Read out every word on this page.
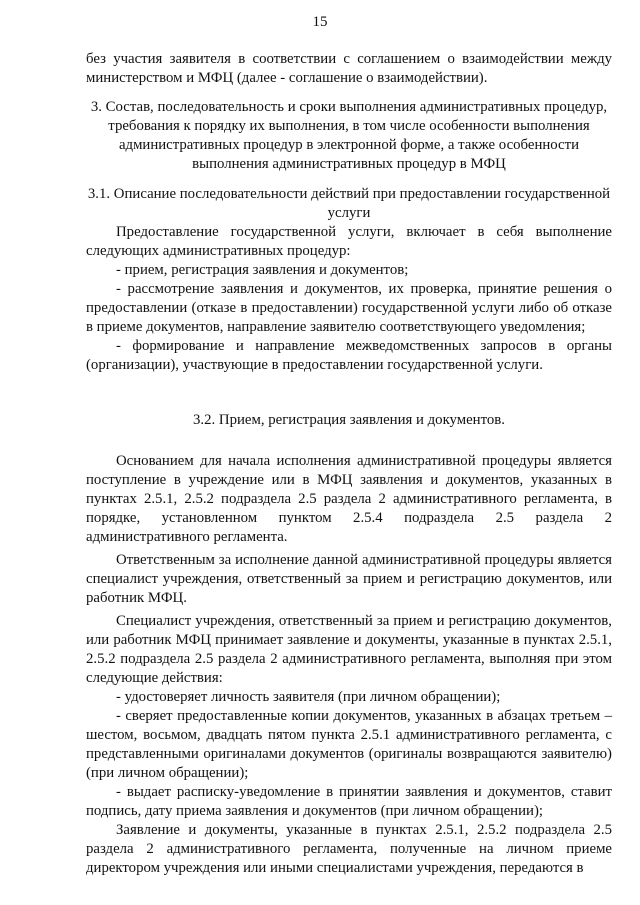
15

без участия заявителя в соответствии с соглашением о взаимодействии между министерством и МФЦ (далее - соглашение о взаимодействии).

3. Состав, последовательность и сроки выполнения административных процедур, требования к порядку их выполнения, в том числе особенности выполнения административных процедур в электронной форме, а также особенности выполнения административных процедур в МФЦ

3.1. Описание последовательности действий при предоставлении государственной услуги

Предоставление государственной услуги, включает в себя выполнение следующих административных процедур:

- прием, регистрация заявления и документов;

- рассмотрение заявления и документов, их проверка, принятие решения о предоставлении (отказе в предоставлении) государственной услуги либо об отказе в приеме документов, направление заявителю соответствующего уведомления;

- формирование и направление межведомственных запросов в органы (организации), участвующие в предоставлении государственной услуги.

3.2. Прием, регистрация заявления и документов.

Основанием для начала исполнения административной процедуры является поступление в учреждение или в МФЦ заявления и документов, указанных в пунктах 2.5.1, 2.5.2 подраздела 2.5 раздела 2 административного регламента, в порядке, установленном пунктом 2.5.4 подраздела 2.5 раздела 2 административного регламента.

Ответственным за исполнение данной административной процедуры является специалист учреждения, ответственный за прием и регистрацию документов, или работник МФЦ.

Специалист учреждения, ответственный за прием и регистрацию документов, или работник МФЦ принимает заявление и документы, указанные в пунктах 2.5.1, 2.5.2 подраздела 2.5 раздела 2 административного регламента, выполняя при этом следующие действия:

- удостоверяет личность заявителя (при личном обращении);

- сверяет предоставленные копии документов, указанных в абзацах третьем – шестом, восьмом, двадцать пятом пункта 2.5.1 административного регламента, с представленными оригиналами документов (оригиналы возвращаются заявителю) (при личном обращении);

- выдает расписку-уведомление в принятии заявления и документов, ставит подпись, дату приема заявления и документов (при личном обращении);

Заявление и документы, указанные в пунктах 2.5.1, 2.5.2 подраздела 2.5 раздела 2 административного регламента, полученные на личном приеме директором учреждения или иными специалистами учреждения, передаются в
